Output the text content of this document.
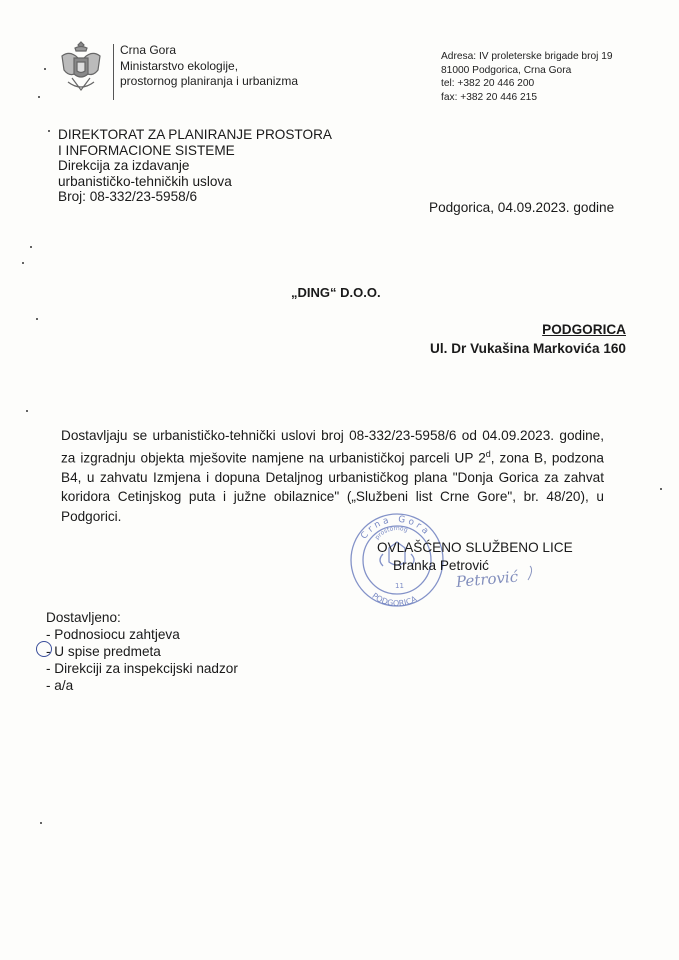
Crna Gora
Ministarstvo ekologije,
prostornog planiranja i urbanizma
Adresa: IV proleterske brigade broj 19
81000 Podgorica, Crna Gora
tel: +382 20 446 200
fax: +382 20 446 215
DIREKTORAT ZA PLANIRANJE PROSTORA
I INFORMACIONE SISTEME
Direkcija za izdavanje
urbanističko-tehničkih uslova
Broj: 08-332/23-5958/6
Podgorica, 04.09.2023. godine
„DING“ D.O.O.
PODGORICA
Ul. Dr Vukašina Markovića 160
Dostavljaju se urbanističko-tehnički uslovi broj 08-332/23-5958/6 od 04.09.2023. godine, za izgradnju objekta mješovite namjene na urbanističkoj parceli UP 2$^d$, zona B, podzona B4, u zahvatu Izmjena i dopuna Detaljnog urbanističkog plana "Donja Gorica za zahvat koridora Cetinjskog puta i južne obilaznice" („Službeni list Crne Gore", br. 48/20), u Podgorici.
Crna Gora
prostornog
11
PODGORICA
OVLAŠĆENO SLUŽBENO LICE
Branka Petrović
Petrović
Dostavljeno:
- Podnosiocu zahtjeva
- U spise predmeta
- Direkciji za inspekcijski nadzor
- a/a
